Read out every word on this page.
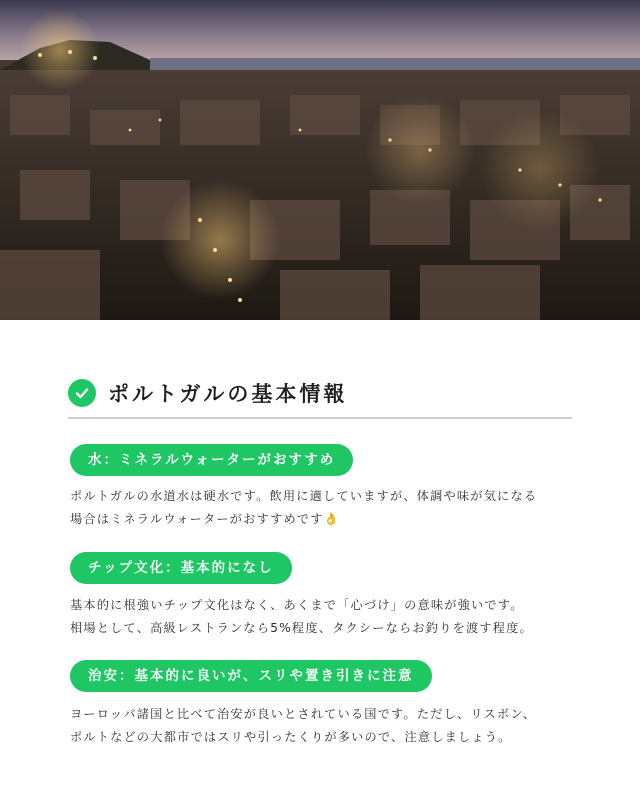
ポルトガルの基本情報
水：ミネラルウォーターがおすすめ

ポルトガルの水道水は硬水です。飲用に適していますが、体調や味が気になる

場合はミネラルウォーターがおすすめです👌

チップ文化：基本的になし

基本的に根強いチップ文化はなく、あくまで「心づけ」の意味が強いです。

相場として、高級レストランなら5%程度、タクシーならお釣りを渡す程度。

治安：基本的に良いが、スリや置き引きに注意

ヨーロッパ諸国と比べて治安が良いとされている国です。ただし、リスボン、

ポルトなどの大都市ではスリや引ったくりが多いので、注意しましょう。
